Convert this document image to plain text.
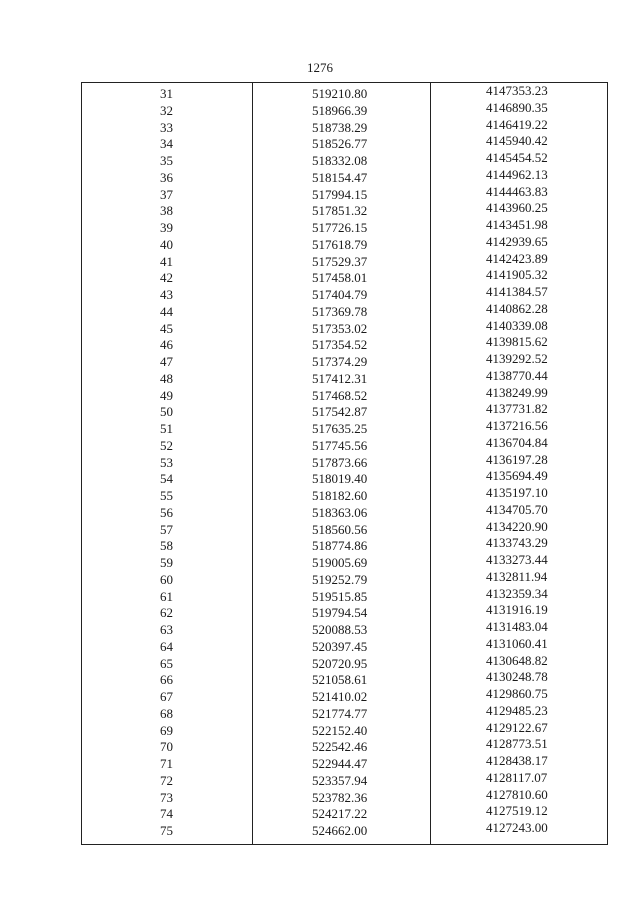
1276
31	519210.80	4147353.23
32	518966.39	4146890.35
33	518738.29	4146419.22
34	518526.77	4145940.42
35	518332.08	4145454.52
36	518154.47	4144962.13
37	517994.15	4144463.83
38	517851.32	4143960.25
39	517726.15	4143451.98
40	517618.79	4142939.65
41	517529.37	4142423.89
42	517458.01	4141905.32
43	517404.79	4141384.57
44	517369.78	4140862.28
45	517353.02	4140339.08
46	517354.52	4139815.62
47	517374.29	4139292.52
48	517412.31	4138770.44
49	517468.52	4138249.99
50	517542.87	4137731.82
51	517635.25	4137216.56
52	517745.56	4136704.84
53	517873.66	4136197.28
54	518019.40	4135694.49
55	518182.60	4135197.10
56	518363.06	4134705.70
57	518560.56	4134220.90
58	518774.86	4133743.29
59	519005.69	4133273.44
60	519252.79	4132811.94
61	519515.85	4132359.34
62	519794.54	4131916.19
63	520088.53	4131483.04
64	520397.45	4131060.41
65	520720.95	4130648.82
66	521058.61	4130248.78
67	521410.02	4129860.75
68	521774.77	4129485.23
69	522152.40	4129122.67
70	522542.46	4128773.51
71	522944.47	4128438.17
72	523357.94	4128117.07
73	523782.36	4127810.60
74	524217.22	4127519.12
75	524662.00	4127243.00
